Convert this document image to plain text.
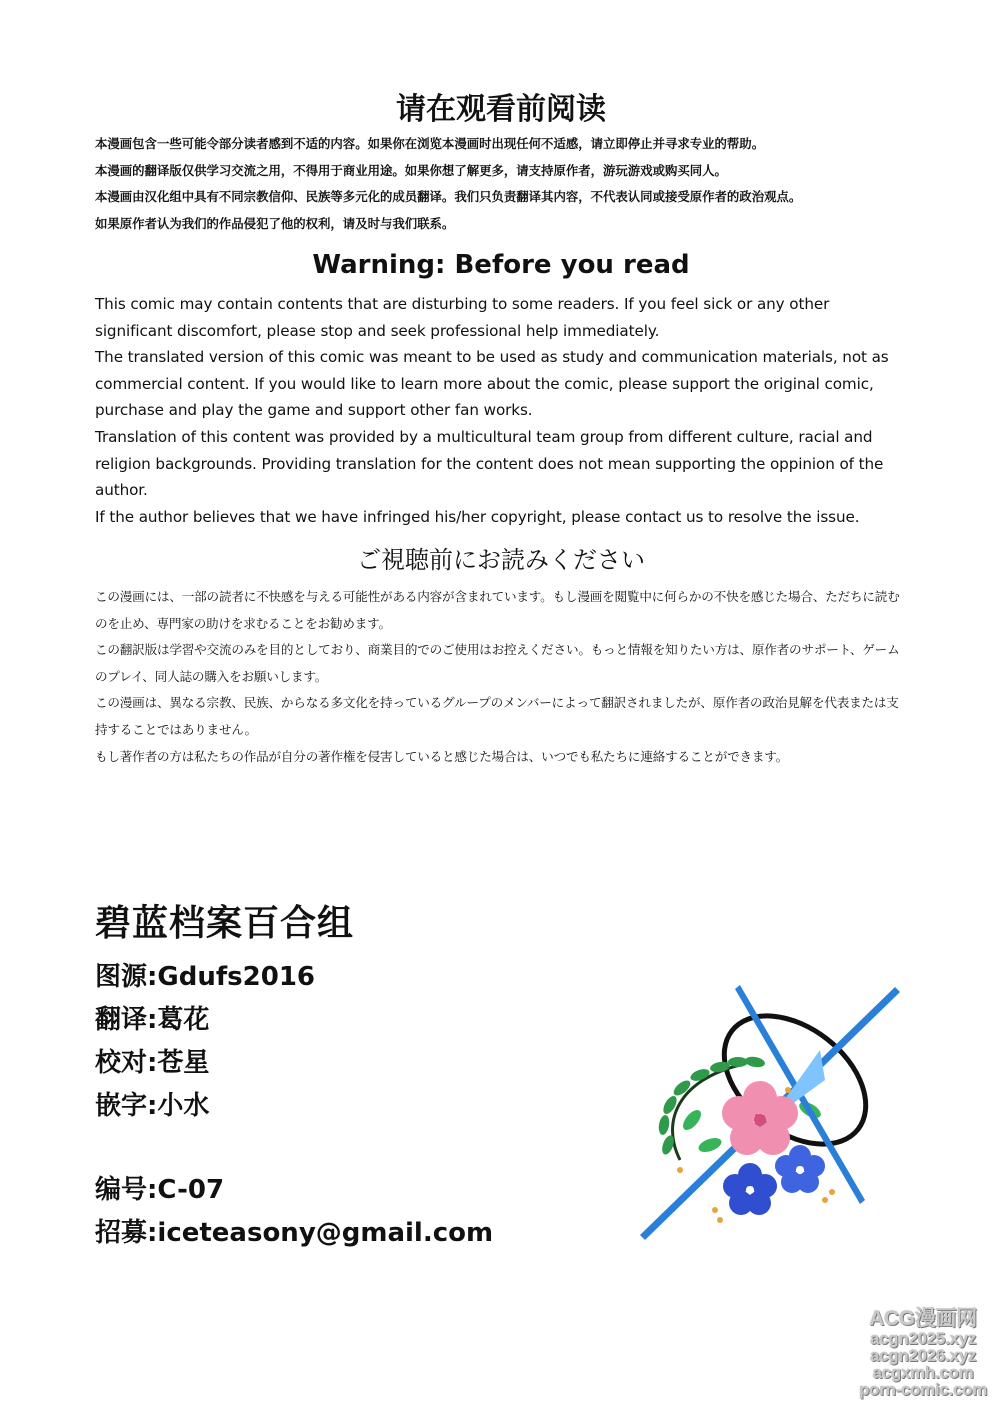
请在观看前阅读

本漫画包含一些可能令部分读者感到不适的内容。如果你在浏览本漫画时出现任何不适感，请立即停止并寻求专业的帮助。

本漫画的翻译版仅供学习交流之用，不得用于商业用途。如果你想了解更多，请支持原作者，游玩游戏或购买同人。

本漫画由汉化组中具有不同宗教信仰、民族等多元化的成员翻译。我们只负责翻译其内容，不代表认同或接受原作者的政治观点。

如果原作者认为我们的作品侵犯了他的权利，请及时与我们联系。

Warning: Before you read

This comic may contain contents that are disturbing to some readers. If you feel sick or any other significant discomfort, please stop and seek professional help immediately.

The translated version of this comic was meant to be used as study and communication materials, not as commercial content. If you would like to learn more about the comic, please support the original comic, purchase and play the game and support other fan works.

Translation of this content was provided by a multicultural team group from different culture, racial and religion backgrounds. Providing translation for the content does not mean supporting the oppinion of the author.

If the author believes that we have infringed his/her copyright, please contact us to resolve the issue.

ご視聴前にお読みください

この漫画には、一部の読者に不快感を与える可能性がある内容が含まれています。もし漫画を閲覧中に何らかの不快を感じた場合、ただちに読むのを止め、専門家の助けを求むることをお勧めます。

この翻訳版は学習や交流のみを目的としており、商業目的でのご使用はお控えください。もっと情報を知りたい方は、原作者のサポート、ゲームのプレイ、同人誌の購入をお願いします。

この漫画は、異なる宗教、民族、からなる多文化を持っているグループのメンバーによって翻訳されましたが、原作者の政治見解を代表または支持することではありません。

もし著作者の方は私たちの作品が自分の著作権を侵害していると感じた場合は、いつでも私たちに連絡することができます。

碧蓝档案百合组

图源:Gdufs2016

翻译:葛花

校对:苍星

嵌字:小水

编号:C-07

招募:iceteasony@gmail.com

ACG漫画网
acgn2025.xyz
acgn2026.xyz
acgxmh.com
porn-comic.com
